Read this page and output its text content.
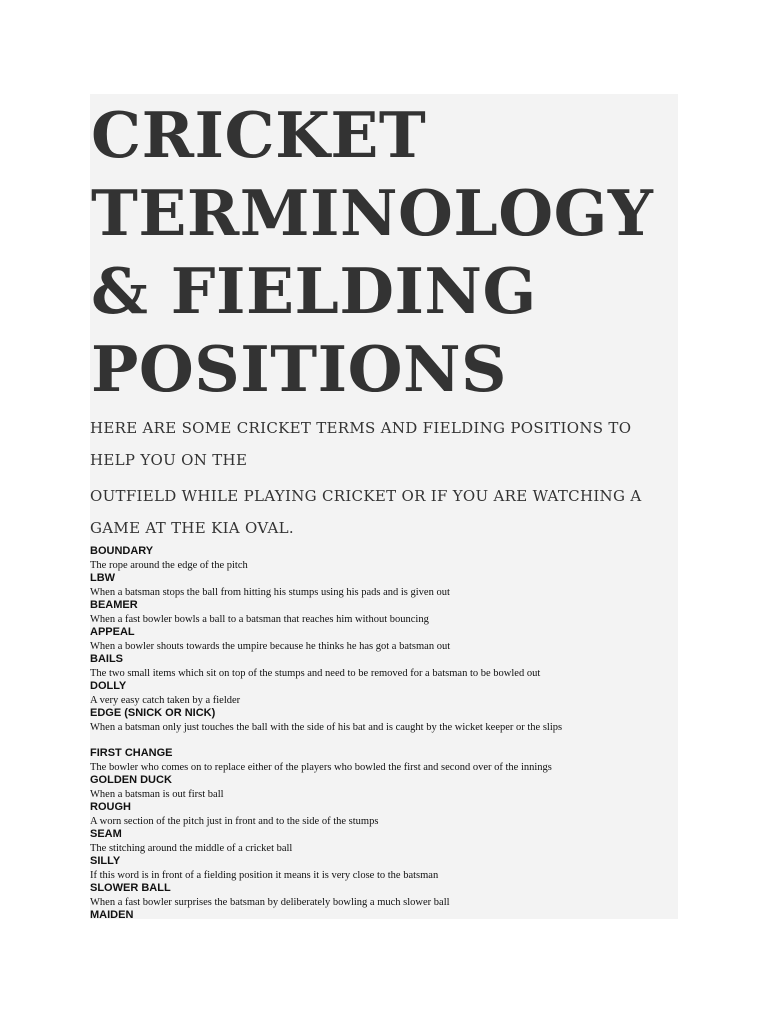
CRICKET
TERMINOLOGY
& FIELDING
POSITIONS

HERE ARE SOME CRICKET TERMS AND FIELDING POSITIONS TO HELP YOU ON THE

OUTFIELD WHILE PLAYING CRICKET OR IF YOU ARE WATCHING A GAME AT THE KIA OVAL.

BOUNDARY
The rope around the edge of the pitch
LBW
When a batsman stops the ball from hitting his stumps using his pads and is given out
BEAMER
When a fast bowler bowls a ball to a batsman that reaches him without bouncing
APPEAL
When a bowler shouts towards the umpire because he thinks he has got a batsman out
BAILS
The two small items which sit on top of the stumps and need to be removed for a batsman to be bowled out
DOLLY
A very easy catch taken by a fielder
EDGE (SNICK OR NICK)
When a batsman only just touches the ball with the side of his bat and is caught by the wicket keeper or the slips
FIRST CHANGE
The bowler who comes on to replace either of the players who bowled the first and second over of the innings
GOLDEN DUCK
When a batsman is out first ball
ROUGH
A worn section of the pitch just in front and to the side of the stumps
SEAM
The stitching around the middle of a cricket ball
SILLY
If this word is in front of a fielding position it means it is very close to the batsman
SLOWER BALL
When a fast bowler surprises the batsman by deliberately bowling a much slower ball
MAIDEN
